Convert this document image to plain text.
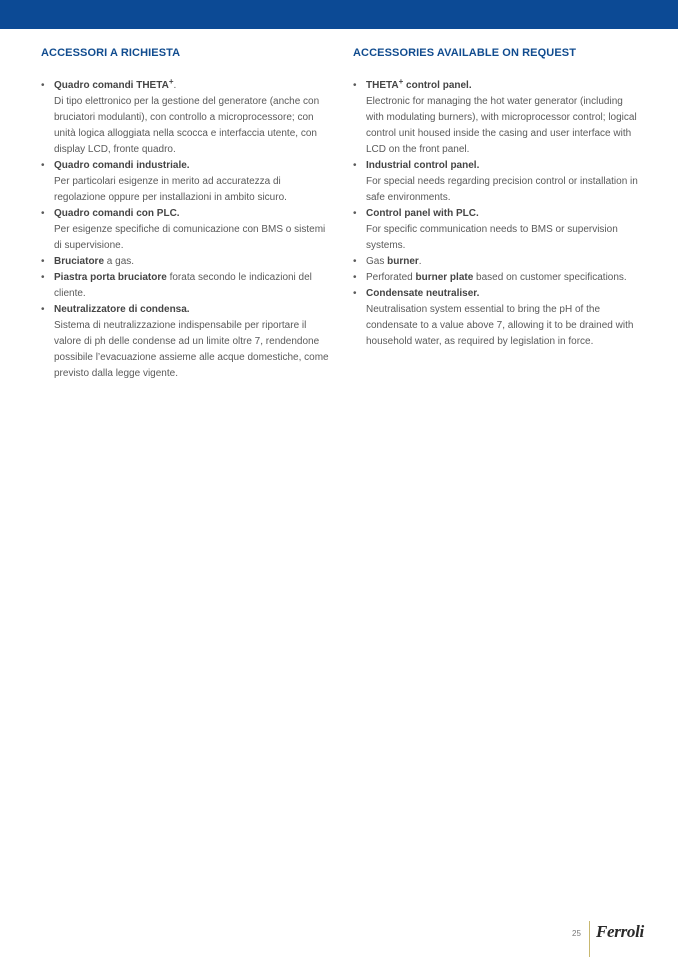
ACCESSORI A RICHIESTA
• Quadro comandi THETA+.
Di tipo elettronico per la gestione del generatore (anche con bruciatori modulanti), con controllo a microprocessore; con unità logica alloggiata nella scocca e interfaccia utente, con display LCD, fronte quadro.
• Quadro comandi industriale.
Per particolari esigenze in merito ad accuratezza di regolazione oppure per installazioni in ambito sicuro.
• Quadro comandi con PLC.
Per esigenze specifiche di comunicazione con BMS o sistemi di supervisione.
• Bruciatore a gas.
• Piastra porta bruciatore forata secondo le indicazioni del cliente.
• Neutralizzatore di condensa.
Sistema di neutralizzazione indispensabile per riportare il valore di ph delle condense ad un limite oltre 7, rendendone possibile l’evacuazione assieme alle acque domestiche, come previsto dalla legge vigente.
ACCESSORIES AVAILABLE ON REQUEST
• THETA+ control panel.
Electronic for managing the hot water generator (including with modulating burners), with microprocessor control; logical control unit housed inside the casing and user interface with LCD on the front panel.
• Industrial control panel.
For special needs regarding precision control or installation in safe environments.
• Control panel with PLC.
For specific communication needs to BMS or supervision systems.
• Gas burner.
• Perforated burner plate based on customer specifications.
• Condensate neutraliser.
Neutralisation system essential to bring the pH of the condensate to a value above 7, allowing it to be drained with household water, as required by legislation in force.
25 Ferroli
